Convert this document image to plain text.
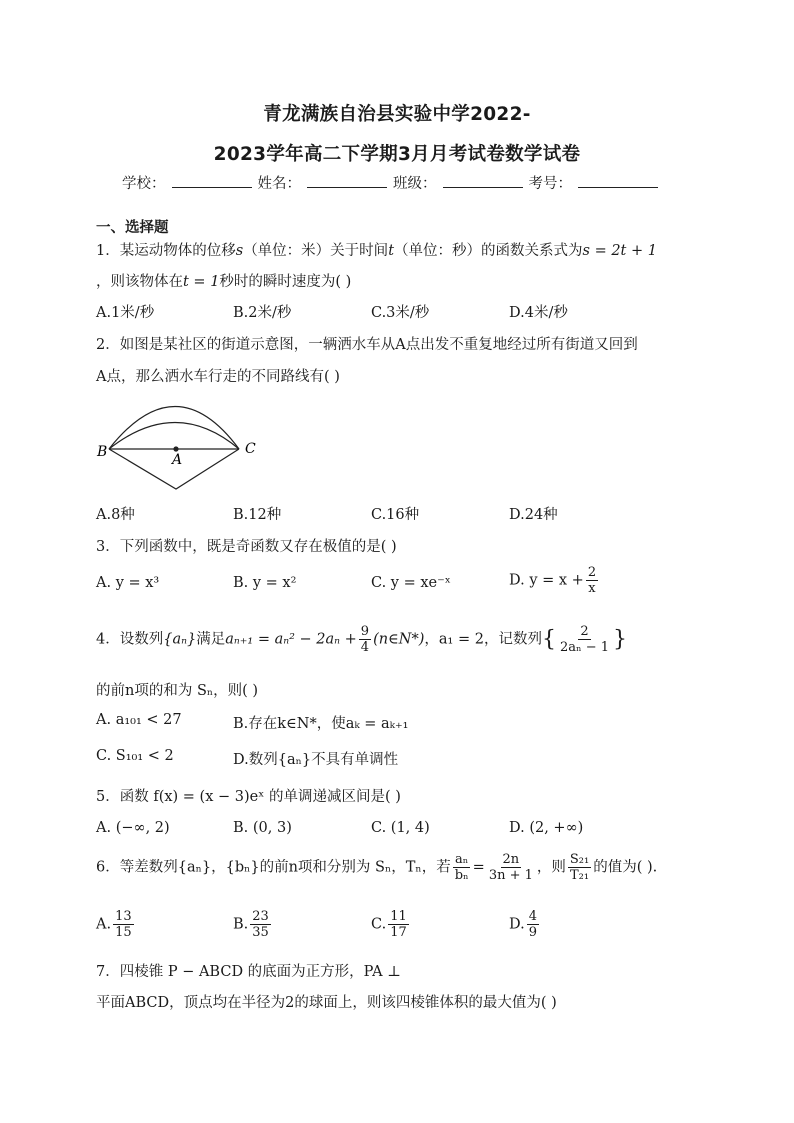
青龙满族自治县实验中学2022-
2023学年高二下学期3月月考试卷数学试卷
学校：	姓名：	班级：	考号：
一、选择题
1．某运动物体的位移s（单位：米）关于时间t（单位：秒）的函数关系式为s = 2t + 1
，则该物体在t = 1秒时的瞬时速度为( )
A.1米/秒	B.2米/秒	C.3米/秒	D.4米/秒
2．如图是某社区的街道示意图，一辆洒水车从A点出发不重复地经过所有街道又回到
A点，那么洒水车行走的不同路线有( )
B	A
C
A.8种	B.12种	C.16种	D.24种
3．下列函数中，既是奇函数又存在极值的是( )
A. y = x³	B. y = x²	C. y = xe⁻ˣ	D. $y = x + \frac{2}{x}$
4．设数列{aₙ}满足$a_{n+1} = a_n^2 - 2a_n + \frac{9}{4}$ (n∈N*)，a₁ = 2，记数列{ $\frac{2}{\text{2aₙ − 1}}$ }
的前n项的和为 Sₙ，则( )
A. a₁₀₁ < 27	B.存在k∈N*，使aₖ = aₖ₊₁
C. S₁₀₁ < 2	D.数列{aₙ}不具有单调性
5．函数 f(x) = (x − 3)eˣ 的单调递减区间是( )
A. (−∞, 2)	B. (0, 3)	C. (1, 4)	D. (2, +∞)
6．等差数列{aₙ}，{bₙ}的前n项和分别为 Sₙ，Tₙ，若 $\frac{\text{aₙ}}{\text{bₙ}} = \frac{2n}{3n + 1}$ ，则 $\frac{\text{S₂₁}}{\text{T₂₁}}$ 的值为( ).
A. $\frac{13}{15}$	B. $\frac{23}{35}$	C. $\frac{11}{17}$	D. $\frac{4}{9}$
7．四棱锥 P − ABCD 的底面为正方形，PA ⊥
平面ABCD，顶点均在半径为2的球面上，则该四棱锥体积的最大值为( )
